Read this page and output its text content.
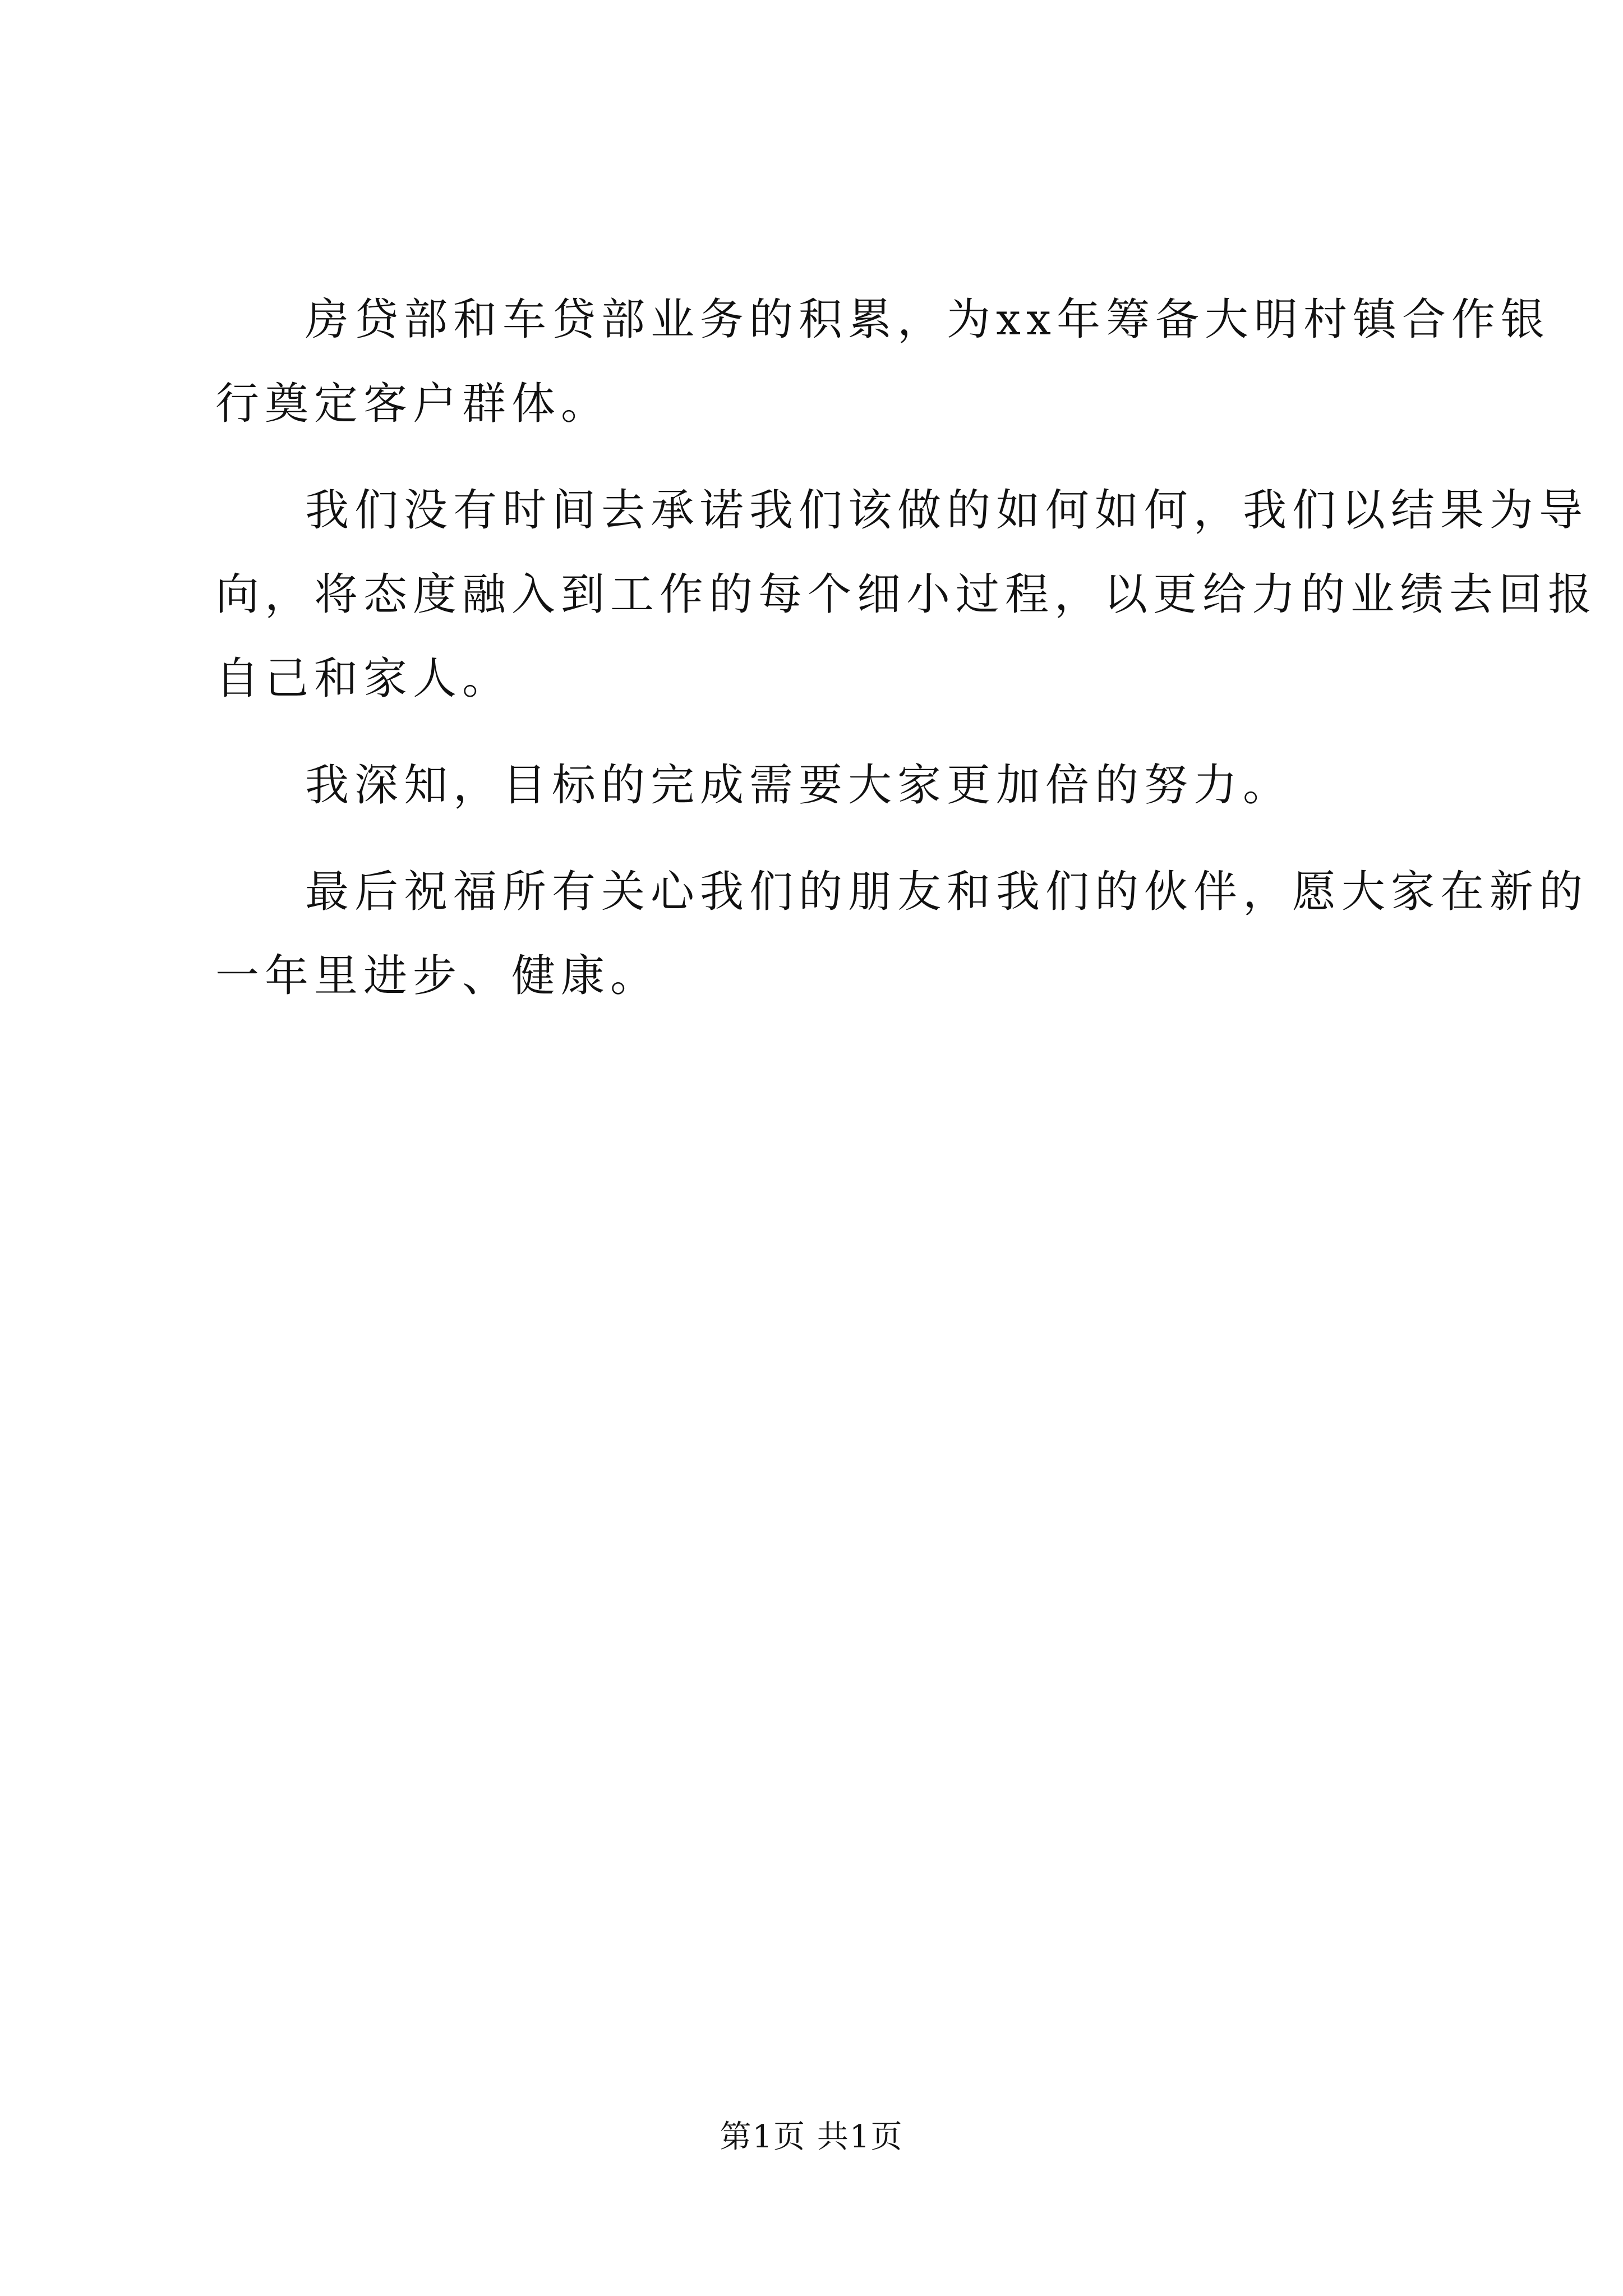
房贷部和车贷部业务的积累，为xx年筹备大明村镇合作银
行奠定客户群体。
我们没有时间去承诺我们该做的如何如何，我们以结果为导
向，将态度融入到工作的每个细小过程，以更给力的业绩去回报
自己和家人。
我深知，目标的完成需要大家更加倍的努力。
最后祝福所有关心我们的朋友和我们的伙伴，愿大家在新的
一年里进步、健康。
第1页 共1页
